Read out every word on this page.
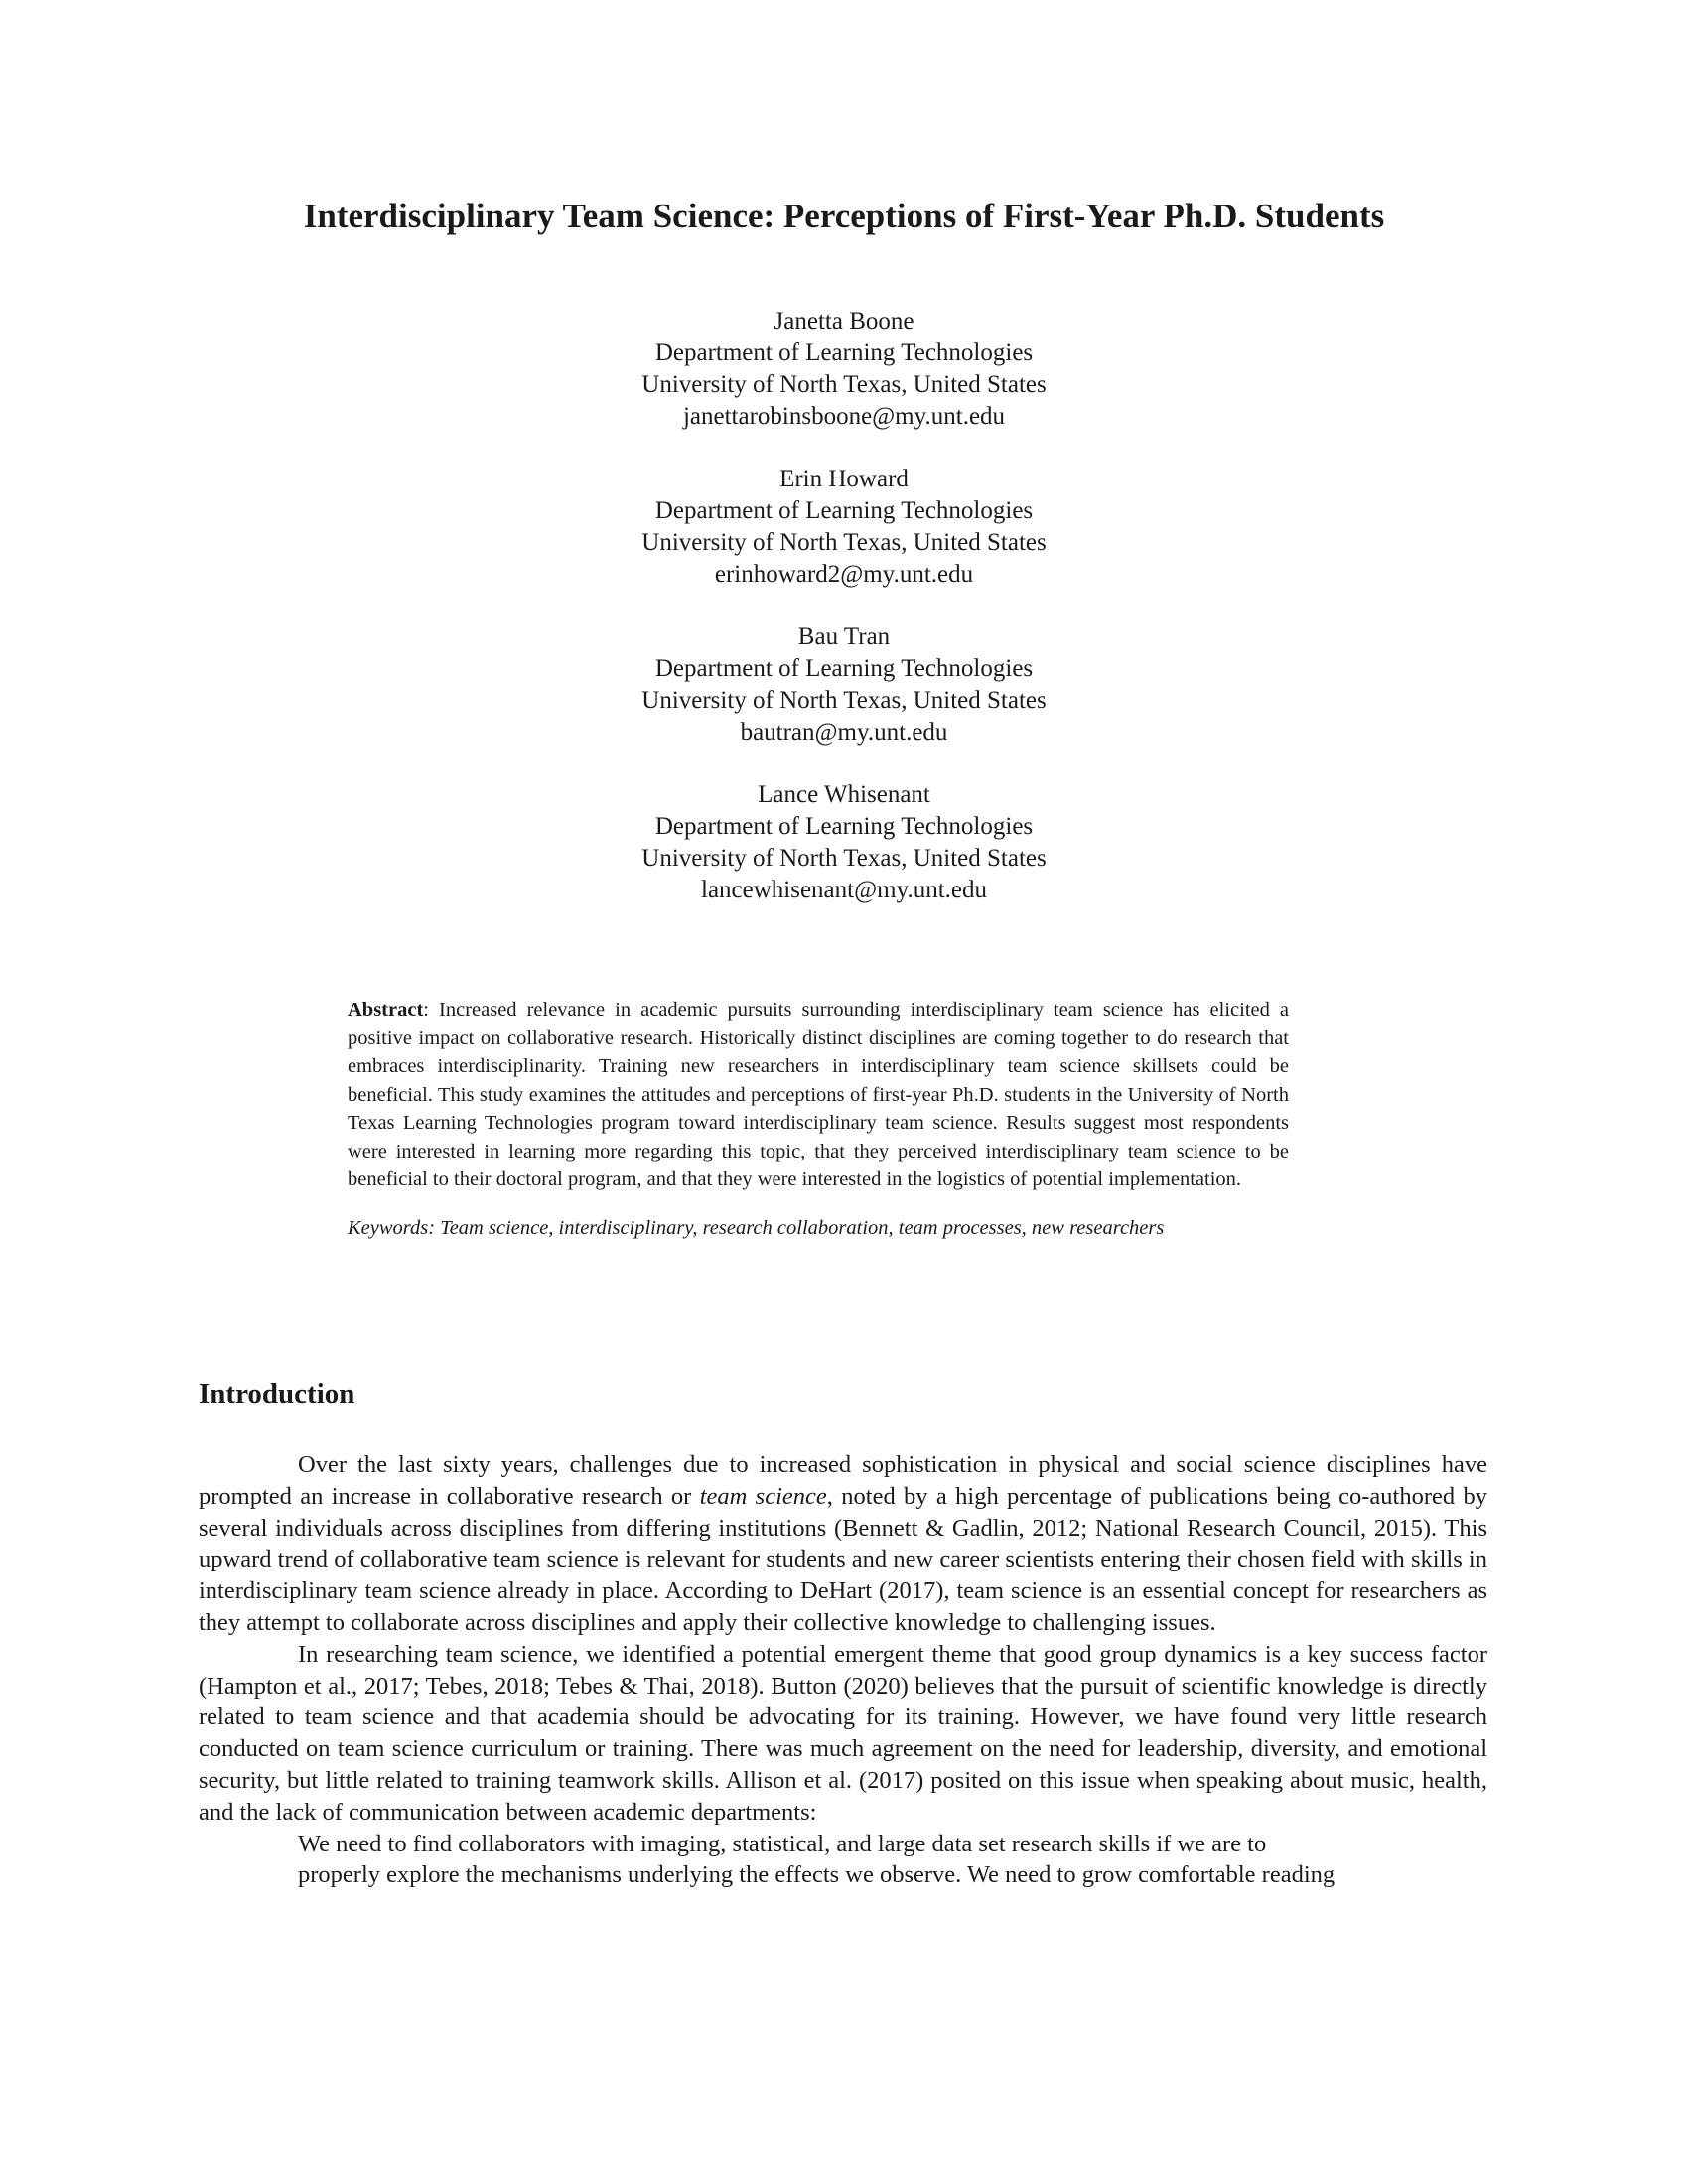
Interdisciplinary Team Science: Perceptions of First-Year Ph.D. Students
Janetta Boone
Department of Learning Technologies
University of North Texas, United States
janettarobinsboone@my.unt.edu
Erin Howard
Department of Learning Technologies
University of North Texas, United States
erinhoward2@my.unt.edu
Bau Tran
Department of Learning Technologies
University of North Texas, United States
bautran@my.unt.edu
Lance Whisenant
Department of Learning Technologies
University of North Texas, United States
lancewhisenant@my.unt.edu
Abstract: Increased relevance in academic pursuits surrounding interdisciplinary team science has elicited a positive impact on collaborative research. Historically distinct disciplines are coming together to do research that embraces interdisciplinarity. Training new researchers in interdisciplinary team science skillsets could be beneficial. This study examines the attitudes and perceptions of first-year Ph.D. students in the University of North Texas Learning Technologies program toward interdisciplinary team science. Results suggest most respondents were interested in learning more regarding this topic, that they perceived interdisciplinary team science to be beneficial to their doctoral program, and that they were interested in the logistics of potential implementation.
Keywords: Team science, interdisciplinary, research collaboration, team processes, new researchers
Introduction

Over the last sixty years, challenges due to increased sophistication in physical and social science disciplines have prompted an increase in collaborative research or team science, noted by a high percentage of publications being co-authored by several individuals across disciplines from differing institutions (Bennett & Gadlin, 2012; National Research Council, 2015). This upward trend of collaborative team science is relevant for students and new career scientists entering their chosen field with skills in interdisciplinary team science already in place. According to DeHart (2017), team science is an essential concept for researchers as they attempt to collaborate across disciplines and apply their collective knowledge to challenging issues.

In researching team science, we identified a potential emergent theme that good group dynamics is a key success factor (Hampton et al., 2017; Tebes, 2018; Tebes & Thai, 2018). Button (2020) believes that the pursuit of scientific knowledge is directly related to team science and that academia should be advocating for its training. However, we have found very little research conducted on team science curriculum or training. There was much agreement on the need for leadership, diversity, and emotional security, but little related to training teamwork skills. Allison et al. (2017) posited on this issue when speaking about music, health, and the lack of communication between academic departments:

We need to find collaborators with imaging, statistical, and large data set research skills if we are to
properly explore the mechanisms underlying the effects we observe. We need to grow comfortable reading
